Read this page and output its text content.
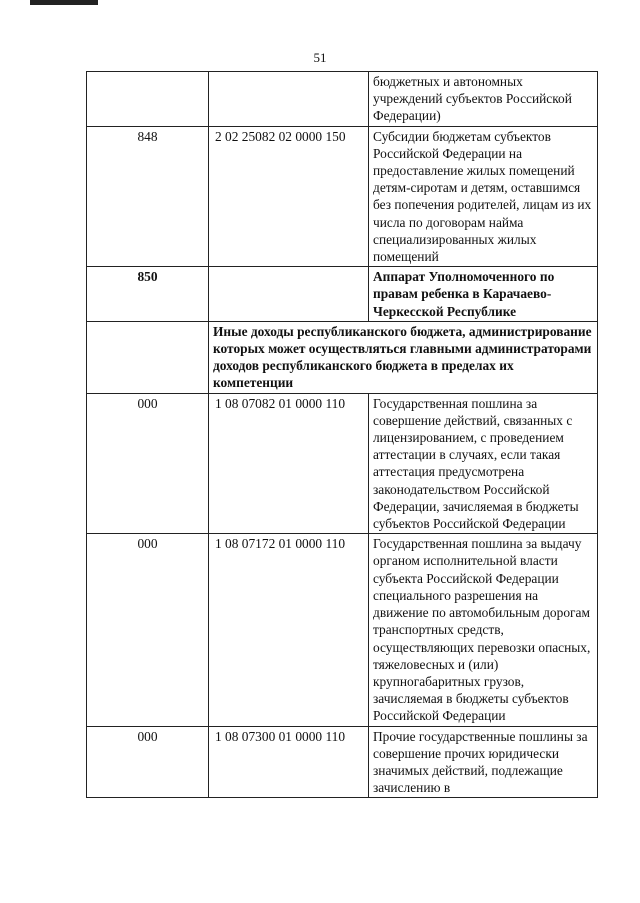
51
		бюджетных и автономных учреждений субъектов Российской Федерации)
848	2 02 25082 02 0000 150	Субсидии бюджетам субъектов Российской Федерации на предоставление жилых помещений детям-сиротам и детям, оставшимся без попечения родителей, лицам из их числа по договорам найма специализированных жилых помещений
850		Аппарат Уполномоченного по правам ребенка в Карачаево-Черкесской Республике
	Иные доходы республиканского бюджета, администрирование которых может осуществляться главными администраторами доходов республиканского бюджета в пределах их компетенции	
000	1 08 07082 01 0000 110	Государственная пошлина за совершение действий, связанных с лицензированием, с проведением аттестации в случаях, если такая аттестация предусмотрена законодательством Российской Федерации, зачисляемая в бюджеты субъектов Российской Федерации
000	1 08 07172 01 0000 110	Государственная пошлина за выдачу органом исполнительной власти субъекта Российской Федерации специального разрешения на движение по автомобильным дорогам транспортных средств, осуществляющих перевозки опасных, тяжеловесных и (или) крупногабаритных грузов, зачисляемая в бюджеты субъектов Российской Федерации
000	1 08 07300 01 0000 110	Прочие государственные пошлины за совершение прочих юридически значимых действий, подлежащие зачислению в
